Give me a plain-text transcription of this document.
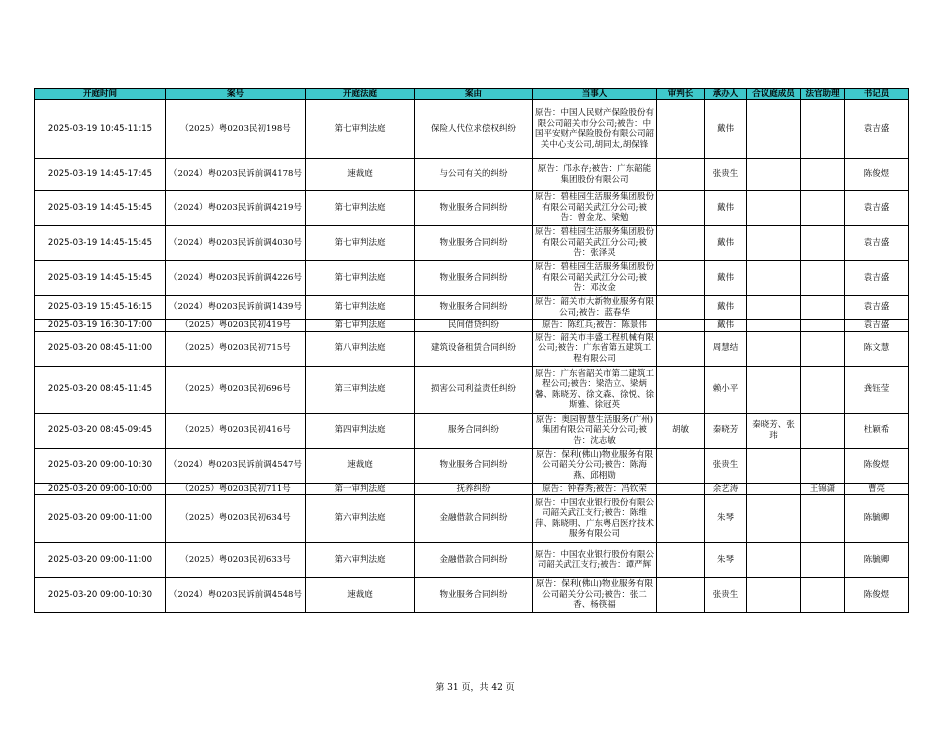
开庭时间	案号	开庭法庭	案由	当事人	审判长	承办人	合议庭成员	法官助理	书记员
2025-03-19 10:45-11:15	（2025）粤0203民初198号	第七审判法庭	保险人代位求偿权纠纷	原告：中国人民财产保险股份有限公司韶关市分公司;被告：中国平安财产保险股份有限公司韶关中心支公司,胡同太,胡保锋		戴伟			袁吉盛
2025-03-19 14:45-17:45	（2024）粤0203民诉前调4178号	速裁庭	与公司有关的纠纷	原告：邝永存;被告：广东韶能集团股份有限公司		张贵生			陈俊煜
2025-03-19 14:45-15:45	（2024）粤0203民诉前调4219号	第七审判法庭	物业服务合同纠纷	原告：碧桂园生活服务集团股份有限公司韶关武江分公司;被告：曾金龙、梁勉		戴伟			袁吉盛
2025-03-19 14:45-15:45	（2024）粤0203民诉前调4030号	第七审判法庭	物业服务合同纠纷	原告：碧桂园生活服务集团股份有限公司韶关武江分公司;被告：张泽灵		戴伟			袁吉盛
2025-03-19 14:45-15:45	（2024）粤0203民诉前调4226号	第七审判法庭	物业服务合同纠纷	原告：碧桂园生活服务集团股份有限公司韶关武江分公司;被告：邓汝金		戴伟			袁吉盛
2025-03-19 15:45-16:15	（2024）粤0203民诉前调1439号	第七审判法庭	物业服务合同纠纷	原告：韶关市大新物业服务有限公司;被告：蓝春华		戴伟			袁吉盛
2025-03-19 16:30-17:00	（2025）粤0203民初419号	第七审判法庭	民间借贷纠纷	原告：陈红兵;被告：陈景伟		戴伟			袁吉盛
2025-03-20 08:45-11:00	（2025）粤0203民初715号	第八审判法庭	建筑设备租赁合同纠纷	原告：韶关市丰盛工程机械有限公司;被告：广东省第五建筑工程有限公司		周慧结			陈文慧
2025-03-20 08:45-11:45	（2025）粤0203民初696号	第三审判法庭	损害公司利益责任纠纷	原告：广东省韶关市第二建筑工程公司;被告：梁浩立、梁炳馨、陈晓芳、徐文森、徐悦、徐斯雅、徐冠英		赖小平			龚钰莹
2025-03-20 08:45-09:45	（2025）粤0203民初416号	第四审判法庭	服务合同纠纷	原告：奥园智慧生活服务(广州)集团有限公司韶关分公司;被告：沈志敏	胡敏	秦晓芳	秦晓芳、张玮		杜颖希
2025-03-20 09:00-10:30	（2024）粤0203民诉前调4547号	速裁庭	物业服务合同纠纷	原告：保利(佛山)物业服务有限公司韶关分公司;被告：陈海燕、邱栩勋		张贵生			陈俊煜
2025-03-20 09:00-10:00	（2025）粤0203民初711号	第一审判法庭	抚养纠纷	原告：钟春秀;被告：冯钦荣		余艺涛		王锦潇	曹亮
2025-03-20 09:00-11:00	（2025）粤0203民初634号	第六审判法庭	金融借款合同纠纷	原告：中国农业银行股份有限公司韶关武江支行;被告：陈维萍、陈晓明、广东粤启医疗技术服务有限公司		朱琴			陈毓卿
2025-03-20 09:00-11:00	（2025）粤0203民初633号	第六审判法庭	金融借款合同纠纷	原告：中国农业银行股份有限公司韶关武江支行;被告：谭严辉		朱琴			陈毓卿
2025-03-20 09:00-10:30	（2024）粤0203民诉前调4548号	速裁庭	物业服务合同纠纷	原告：保利(佛山)物业服务有限公司韶关分公司;被告：张二香、杨筷福		张贵生			陈俊煜
第 31 页，共 42 页
